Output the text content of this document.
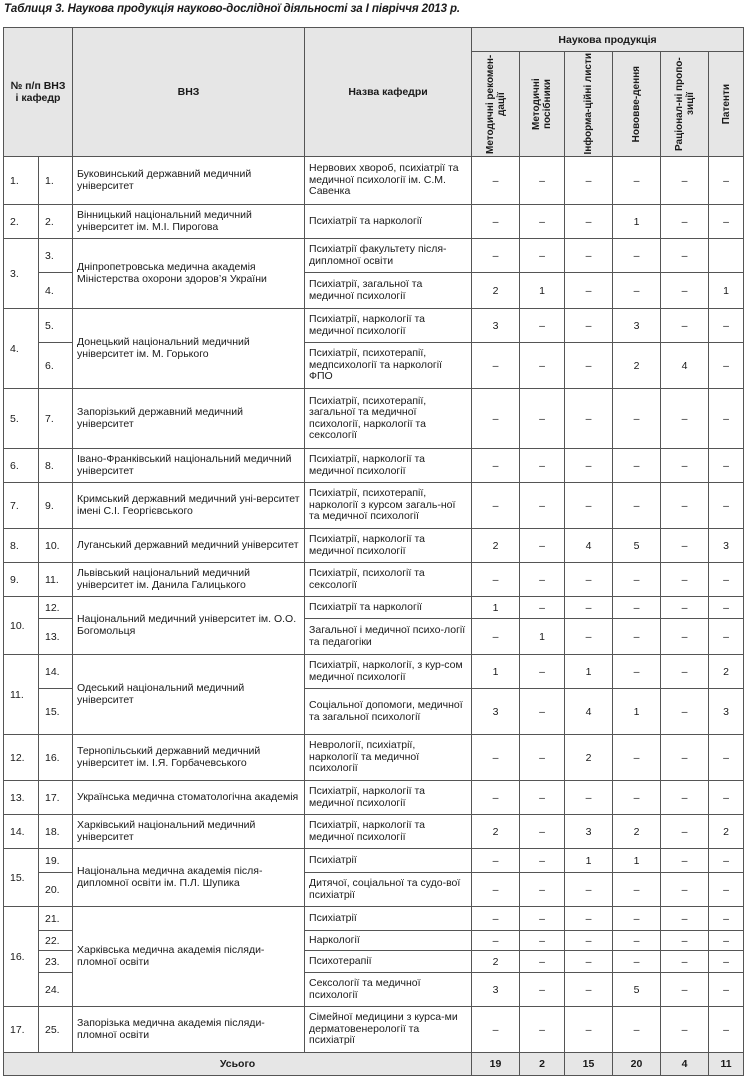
Таблиця 3. Наукова продукція науково-дослідної діяльності за І півріччя 2013 р.
№ п/п ВНЗ і кафедр		ВНЗ	Назва кафедри	Наукова продукція					

				Методичні рекомен-дації	Методичні посібники	Інформа-ційні листи	Нововве-дення	Раціонал-ні пропо-зиції	Патенти

1.	1.	Буковинський державний медичний університет	Нервових хвороб, психіатрії та медичної психології ім. С.М. Савенка	–	–	–	–	–	–
2.	2.	Вінницький національний медичний університет ім. М.І. Пирогова	Психіатрії та наркології	–	–	–	1	–	–
3.	3.	Дніпропетровська медична академія Міністерства охорони здоров’я України	Психіатрії факультету після-дипломної освіти	–	–	–	–	–	
	4.		Психіатрії, загальної та медичної психології	2	1	–	–	–	1
4.	5.	Донецький національний медичний університет ім. М. Горького	Психіатрії, наркології та медичної психології	3	–	–	3	–	–
	6.		Психіатрії, психотерапії, медпсихології та наркології ФПО	–	–	–	2	4	–
5.	7.	Запорізький державний медичний університет	Психіатрії, психотерапії, загальної та медичної психології, наркології та сексології	–	–	–	–	–	–
6.	8.	Івано-Франківський національний медичний університет	Психіатрії, наркології та медичної психології	–	–	–	–	–	–
7.	9.	Кримський державний медичний уні-верситет імені С.І. Георгієвського	Психіатрії, психотерапії, наркології з курсом загаль-ної та медичної психології	–	–	–	–	–	–
8.	10.	Луганський державний медичний університет	Психіатрії, наркології та медичної психології	2	–	4	5	–	3
9.	11.	Львівський національний медичний університет ім. Данила Галицького	Психіатрії, психології та сексології	–	–	–	–	–	–
10.	12.	Національний медичний університет ім. О.О. Богомольця	Психіатрії та наркології	1	–	–	–	–	–
	13.		Загальної і медичної психо-логії та педагогіки	–	1	–	–	–	–
11.	14.	Одеський національний медичний університет	Психіатрії, наркології, з кур-сом медичної психології	1	–	1	–	–	2
	15.		Соціальної допомоги, медичної та загальної психології	3	–	4	1	–	3
12.	16.	Тернопільський державний медичний університет ім. І.Я. Горбачевського	Неврології, психіатрії, наркології та медичної психології	–	–	2	–	–	–
13.	17.	Українська медична стоматологічна академія	Психіатрії, наркології та медичної психології	–	–	–	–	–	–
14.	18.	Харківський національний медичний університет	Психіатрії, наркології та медичної психології	2	–	3	2	–	2
15.	19.	Національна медична академія після-дипломної освіти ім. П.Л. Шупика	Психіатрії	–	–	1	1	–	–
	20.		Дитячої, соціальної та судо-вої психіатрії	–	–	–	–	–	–
16.	21.	Харківська медична академія післяди-пломної освіти	Психіатрії	–	–	–	–	–	–
	22.		Наркології	–	–	–	–	–	–
	23.		Психотерапії	2	–	–	–	–	–
	24.		Сексології та медичної психології	3	–	–	5	–	–
17.	25.	Запорізька медична академія післяди-пломної освіти	Сімейної медицини з курса-ми дерматовенерології та психіатрії	–	–	–	–	–	–
Усього				19	2	15	20	4	11
